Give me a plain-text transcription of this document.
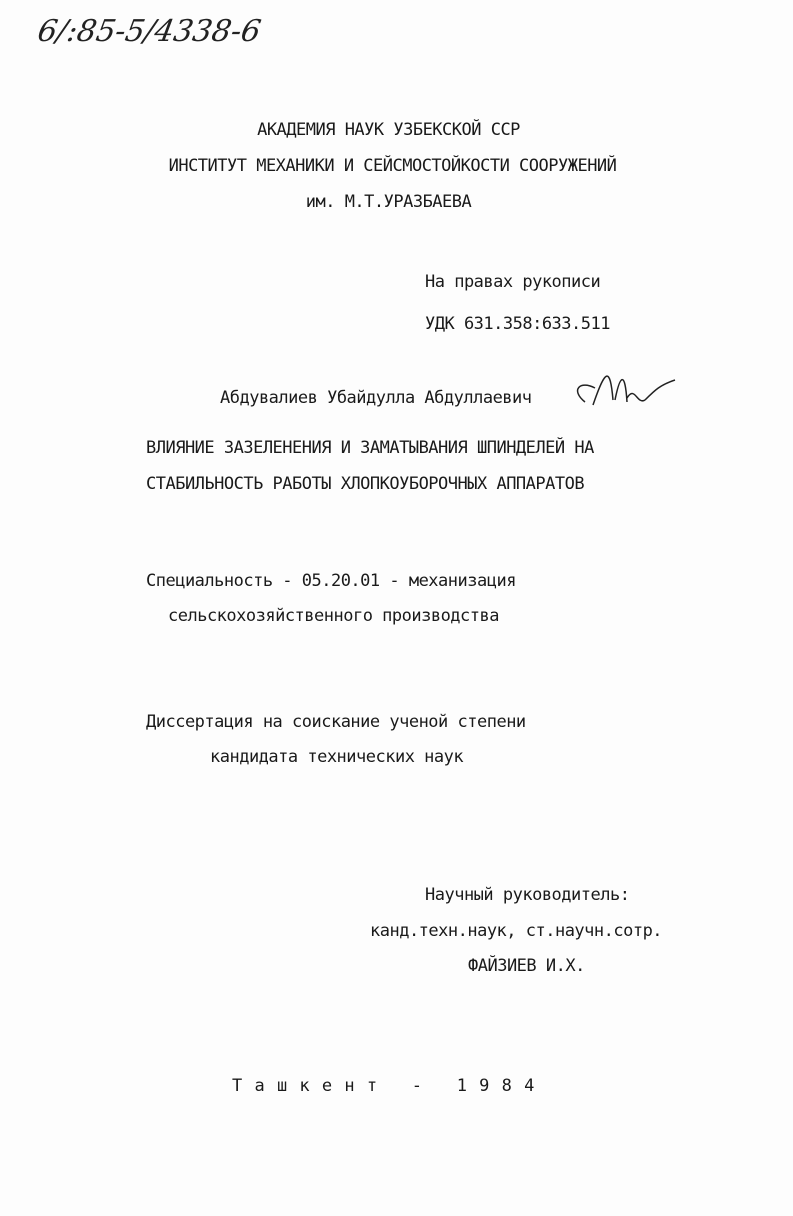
6/:85-5/4338-6
АКАДЕМИЯ НАУК УЗБЕКСКОЙ ССР
ИНСТИТУТ МЕХАНИКИ И СЕЙСМОСТОЙКОСТИ СООРУЖЕНИЙ
им. М.Т.УРАЗБАЕВА
На правах рукописи
УДК 631.358:633.511
Абдувалиев Убайдулла Абдуллаевич
ВЛИЯНИЕ ЗАЗЕЛЕНЕНИЯ И ЗАМАТЫВАНИЯ ШПИНДЕЛЕЙ НА
СТАБИЛЬНОСТЬ РАБОТЫ ХЛОПКОУБОРОЧНЫХ АППАРАТОВ
Специальность - 05.20.01 - механизация
сельскохозяйственного производства
Диссертация на соискание ученой степени
кандидата технических наук
Научный руководитель:
канд.техн.наук, ст.научн.сотр.
ФАЙЗИЕВ И.Х.
Т а ш к е н т   -   1 9 8 4
